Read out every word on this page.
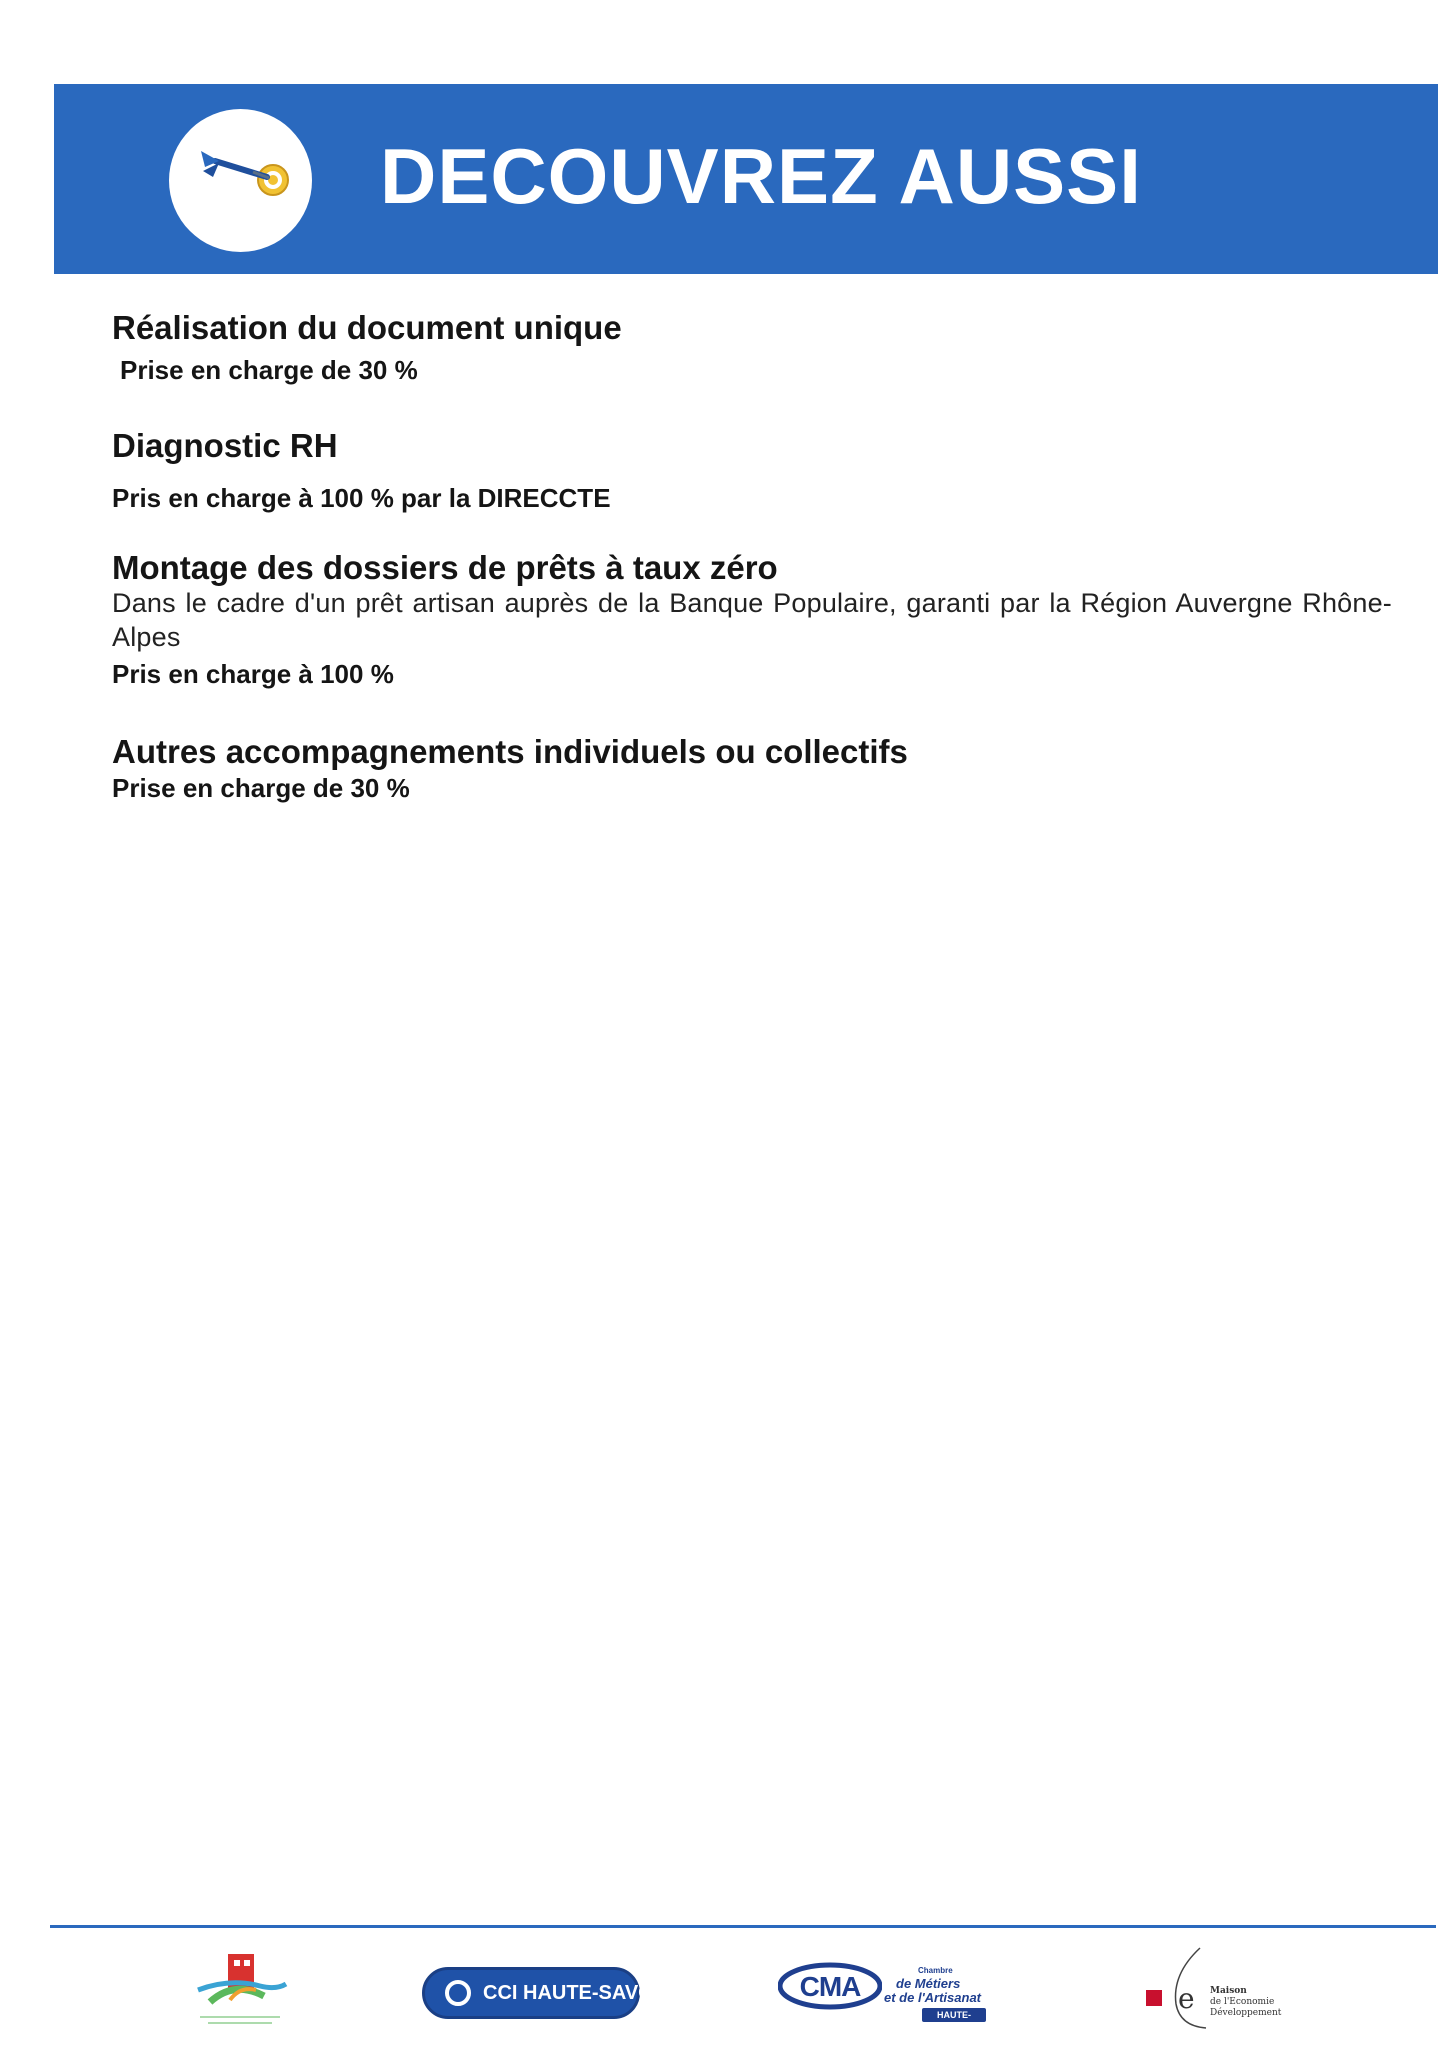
DECOUVREZ AUSSI

Réalisation du document unique

Prise en charge de 30 %

Diagnostic RH

Pris en charge à 100 % par la DIRECCTE

Montage des dossiers de prêts à taux zéro

Dans le cadre d'un prêt artisan auprès de la Banque Populaire, garanti par la Région Auvergne Rhône-Alpes

Pris en charge à 100 %

Autres accompagnements individuels ou collectifs

Prise en charge de 30 %

CCI HAUTE-SAVOIE	CMA
Chambre
de Métiers
et de l'Artisanat
HAUTE-SAVOIE
e Maison
de l'Economie
Développement
